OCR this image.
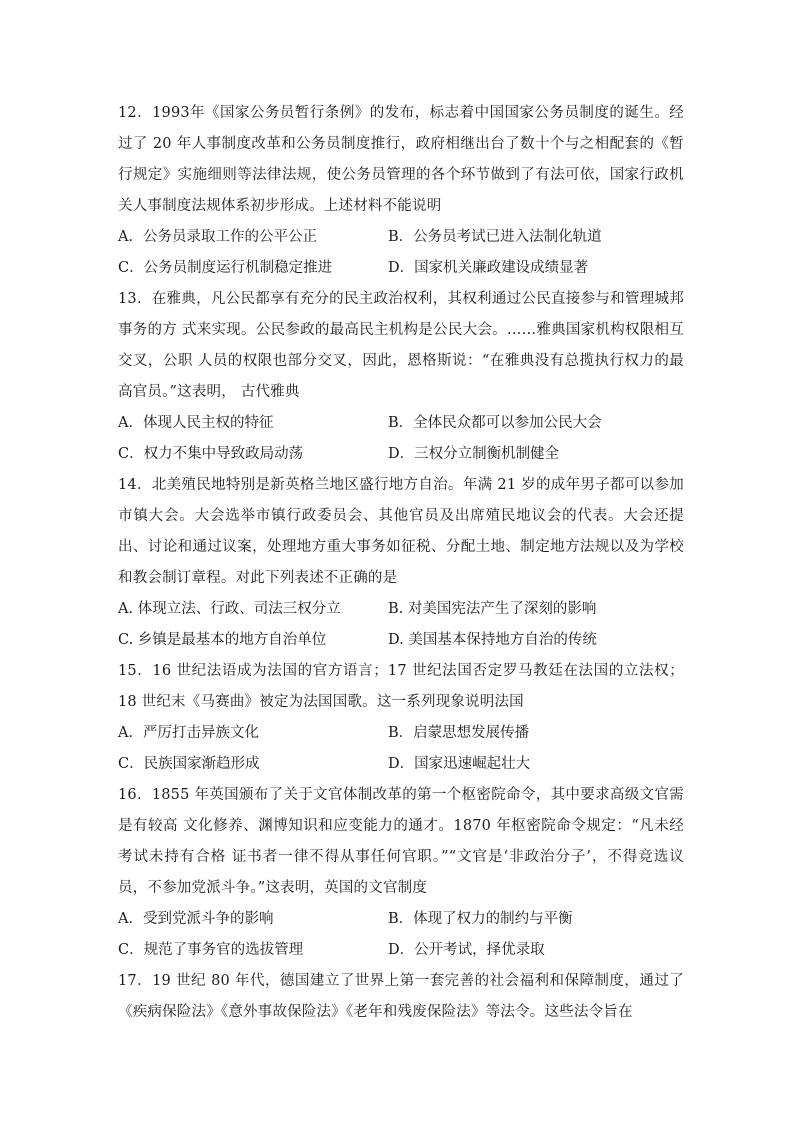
12．1993年《国家公务员暂行条例》的发布，标志着中国国家公务员制度的诞生。经过了 20 年人事制度改革和公务员制度推行，政府相继出台了数十个与之相配套的《暂行规定》实施细则等法律法规，使公务员管理的各个环节做到了有法可依，国家行政机关人事制度法规体系初步形成。上述材料不能说明

A．公务员录取工作的公平公正	B．公务员考试已进入法制化轨道
C．公务员制度运行机制稳定推进	D．国家机关廉政建设成绩显著

13．在雅典，凡公民都享有充分的民主政治权利，其权利通过公民直接参与和管理城邦事务的方 式来实现。公民参政的最高民主机构是公民大会。……雅典国家机构权限相互交叉，公职 人员的权限也部分交叉，因此，恩格斯说：“在雅典没有总揽执行权力的最高官员。”这表明， 古代雅典

A．体现人民主权的特征	B．全体民众都可以参加公民大会
C．权力不集中导致政局动荡	D．三权分立制衡机制健全

14．北美殖民地特别是新英格兰地区盛行地方自治。年满 21 岁的成年男子都可以参加市镇大会。大会选举市镇行政委员会、其他官员及出席殖民地议会的代表。大会还提出、讨论和通过议案，处理地方重大事务如征税、分配土地、制定地方法规以及为学校和教会制订章程。对此下列表述不正确的是

A. 体现立法、行政、司法三权分立	B. 对美国宪法产生了深刻的影响
C. 乡镇是最基本的地方自治单位	D. 美国基本保持地方自治的传统

15．16 世纪法语成为法国的官方语言；17 世纪法国否定罗马教廷在法国的立法权；18 世纪末《马赛曲》被定为法国国歌。这一系列现象说明法国

A．严厉打击异族文化	B．启蒙思想发展传播
C．民族国家渐趋形成	D．国家迅速崛起壮大

16．1855 年英国颁布了关于文官体制改革的第一个枢密院命令，其中要求高级文官需是有较高 文化修养、渊博知识和应变能力的通才。1870 年枢密院命令规定：“凡未经考试未持有合格 证书者一律不得从事任何官职。”“文官是‘非政治分子’，不得竞选议员，不参加党派斗争。”这表明，英国的文官制度

A．受到党派斗争的影响	B．体现了权力的制约与平衡
C．规范了事务官的选拔管理	D．公开考试，择优录取

17．19 世纪 80 年代，德国建立了世界上第一套完善的社会福利和保障制度，通过了《疾病保险法》《意外事故保险法》《老年和残废保险法》等法令。这些法令旨在
